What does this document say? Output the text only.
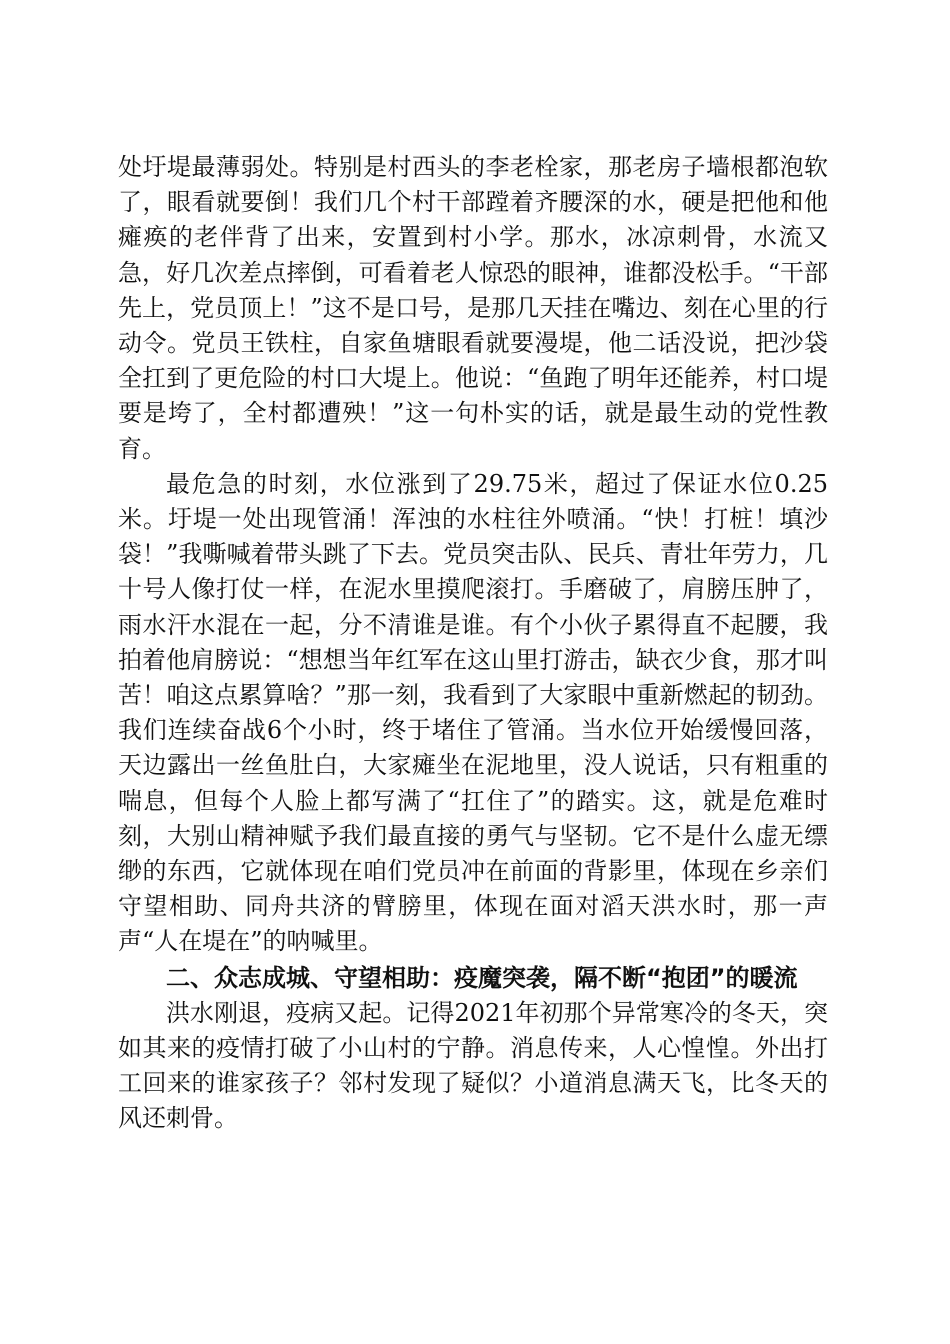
处圩堤最薄弱处。特别是村西头的李老栓家，那老房子墙根都泡软了，眼看就要倒！我们几个村干部蹚着齐腰深的水，硬是把他和他瘫痪的老伴背了出来，安置到村小学。那水，冰凉刺骨，水流又急，好几次差点摔倒，可看着老人惊恐的眼神，谁都没松手。“干部先上，党员顶上！”这不是口号，是那几天挂在嘴边、刻在心里的行动令。党员王铁柱，自家鱼塘眼看就要漫堤，他二话没说，把沙袋全扛到了更危险的村口大堤上。他说：“鱼跑了明年还能养，村口堤要是垮了，全村都遭殃！”这一句朴实的话，就是最生动的党性教育。

最危急的时刻，水位涨到了29.75米，超过了保证水位0.25米。圩堤一处出现管涌！浑浊的水柱往外喷涌。“快！打桩！填沙袋！”我嘶喊着带头跳了下去。党员突击队、民兵、青壮年劳力，几十号人像打仗一样，在泥水里摸爬滚打。手磨破了，肩膀压肿了，雨水汗水混在一起，分不清谁是谁。有个小伙子累得直不起腰，我拍着他肩膀说：“想想当年红军在这山里打游击，缺衣少食，那才叫苦！咱这点累算啥？”那一刻，我看到了大家眼中重新燃起的韧劲。我们连续奋战6个小时，终于堵住了管涌。当水位开始缓慢回落，天边露出一丝鱼肚白，大家瘫坐在泥地里，没人说话，只有粗重的喘息，但每个人脸上都写满了“扛住了”的踏实。这，就是危难时刻，大别山精神赋予我们最直接的勇气与坚韧。它不是什么虚无缥缈的东西，它就体现在咱们党员冲在前面的背影里，体现在乡亲们守望相助、同舟共济的臂膀里，体现在面对滔天洪水时，那一声声“人在堤在”的呐喊里。

二、众志成城、守望相助：疫魔突袭，隔不断“抱团”的暖流

洪水刚退，疫病又起。记得2021年初那个异常寒冷的冬天，突如其来的疫情打破了小山村的宁静。消息传来，人心惶惶。外出打工回来的谁家孩子？邻村发现了疑似？小道消息满天飞，比冬天的风还刺骨。
